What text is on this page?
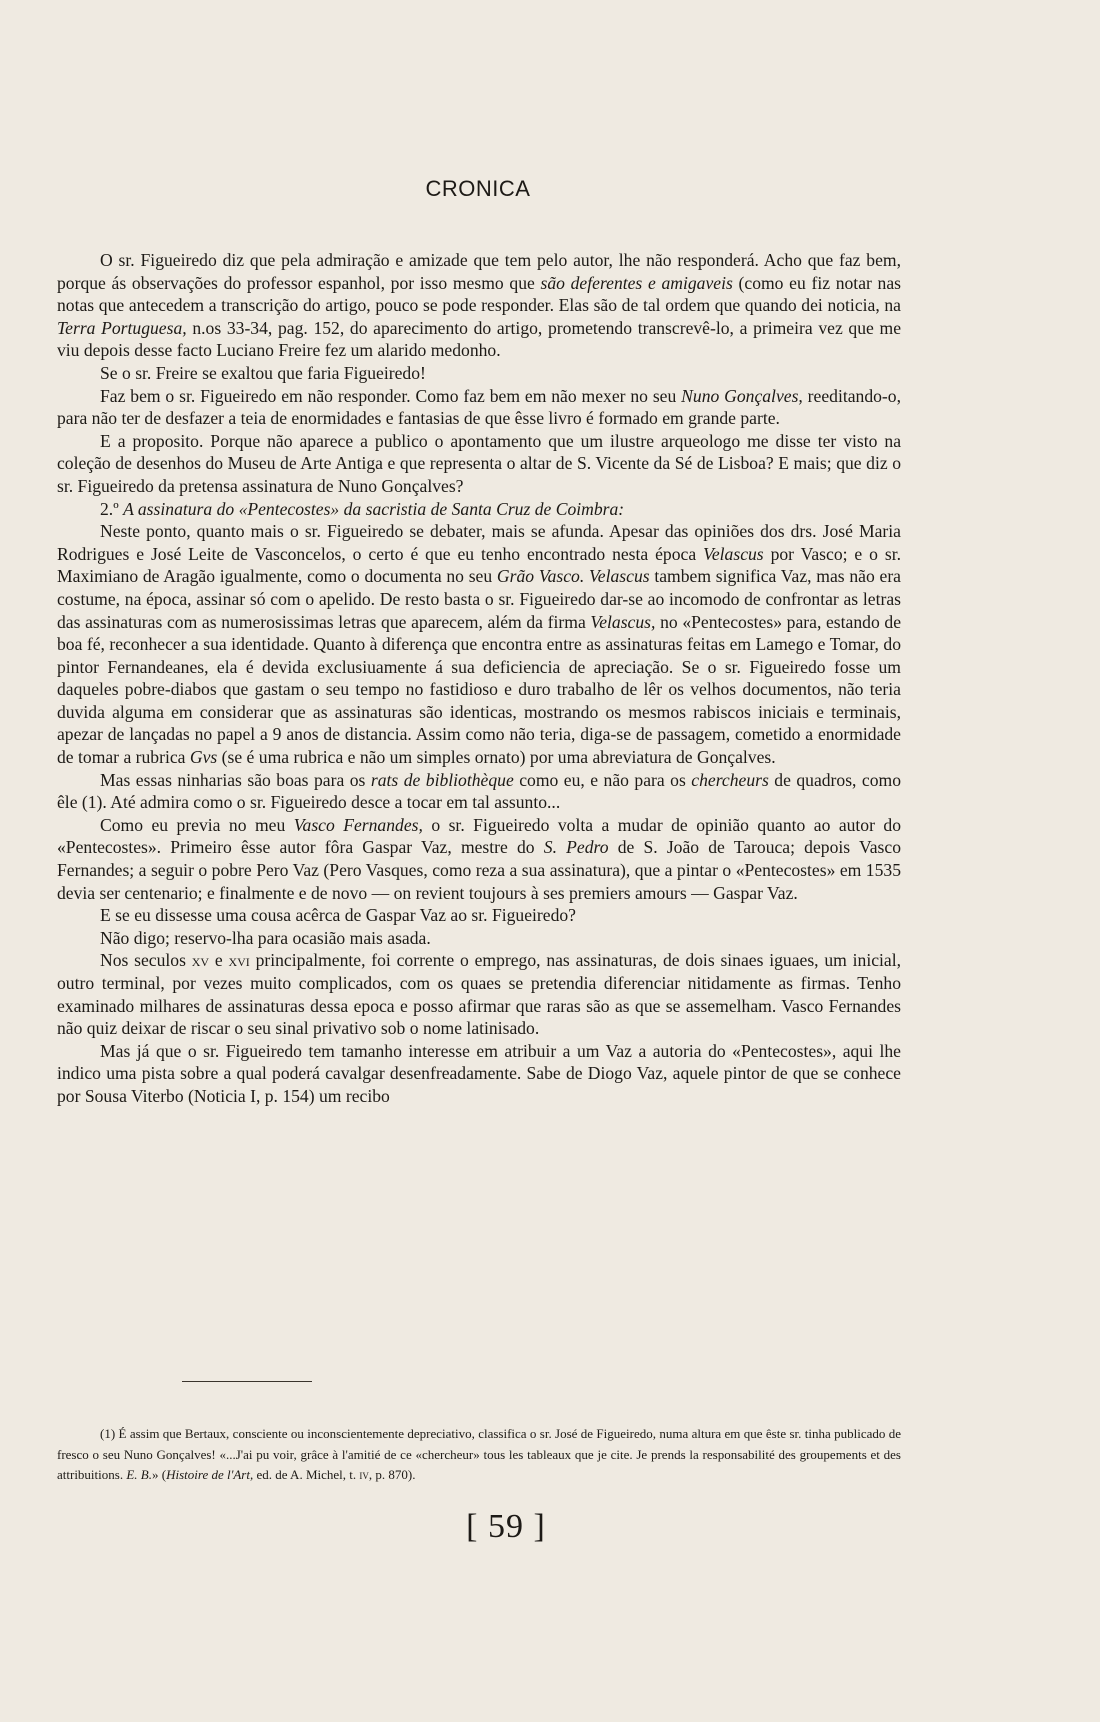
CRONICA

O sr. Figueiredo diz que pela admiração e amizade que tem pelo autor, lhe não responderá. Acho que faz bem, porque ás observações do professor espanhol, por isso mesmo que são deferentes e amigaveis (como eu fiz notar nas notas que antecedem a transcrição do artigo, pouco se pode responder. Elas são de tal ordem que quando dei noticia, na Terra Portuguesa, n.os 33-34, pag. 152, do aparecimento do artigo, prometendo transcrevê-lo, a primeira vez que me viu depois desse facto Luciano Freire fez um alarido medonho.

Se o sr. Freire se exaltou que faria Figueiredo!

Faz bem o sr. Figueiredo em não responder. Como faz bem em não mexer no seu Nuno Gonçalves, reeditando-o, para não ter de desfazer a teia de enormidades e fantasias de que êsse livro é formado em grande parte.

E a proposito. Porque não aparece a publico o apontamento que um ilustre arqueologo me disse ter visto na coleção de desenhos do Museu de Arte Antiga e que representa o altar de S. Vicente da Sé de Lisboa? E mais; que diz o sr. Figueiredo da pretensa assinatura de Nuno Gonçalves?

2.º A assinatura do «Pentecostes» da sacristia de Santa Cruz de Coimbra:

Neste ponto, quanto mais o sr. Figueiredo se debater, mais se afunda. Apesar das opiniões dos drs. José Maria Rodrigues e José Leite de Vasconcelos, o certo é que eu tenho encontrado nesta época Velascus por Vasco; e o sr. Maximiano de Aragão igualmente, como o documenta no seu Grão Vasco. Velascus tambem significa Vaz, mas não era costume, na época, assinar só com o apelido. De resto basta o sr. Figueiredo dar-se ao incomodo de confrontar as letras das assinaturas com as numerosissimas letras que aparecem, além da firma Velascus, no «Pentecostes» para, estando de boa fé, reconhecer a sua identidade. Quanto à diferença que encontra entre as assinaturas feitas em Lamego e Tomar, do pintor Fernandeanes, ela é devida exclusiuamente á sua deficiencia de apreciação. Se o sr. Figueiredo fosse um daqueles pobre-diabos que gastam o seu tempo no fastidioso e duro trabalho de lêr os velhos documentos, não teria duvida alguma em considerar que as assinaturas são identicas, mostrando os mesmos rabiscos iniciais e terminais, apezar de lançadas no papel a 9 anos de distancia. Assim como não teria, diga-se de passagem, cometido a enormidade de tomar a rubrica Gvs (se é uma rubrica e não um simples ornato) por uma abreviatura de Gonçalves.

Mas essas ninharias são boas para os rats de bibliothèque como eu, e não para os chercheurs de quadros, como êle (1). Até admira como o sr. Figueiredo desce a tocar em tal assunto...

Como eu previa no meu Vasco Fernandes, o sr. Figueiredo volta a mudar de opinião quanto ao autor do «Pentecostes». Primeiro êsse autor fôra Gaspar Vaz, mestre do S. Pedro de S. João de Tarouca; depois Vasco Fernandes; a seguir o pobre Pero Vaz (Pero Vasques, como reza a sua assinatura), que a pintar o «Pentecostes» em 1535 devia ser centenario; e finalmente e de novo — on revient toujours à ses premiers amours — Gaspar Vaz.

E se eu dissesse uma cousa acêrca de Gaspar Vaz ao sr. Figueiredo?

Não digo; reservo-lha para ocasião mais asada.

Nos seculos xv e xvi principalmente, foi corrente o emprego, nas assinaturas, de dois sinaes iguaes, um inicial, outro terminal, por vezes muito complicados, com os quaes se pretendia diferenciar nitidamente as firmas. Tenho examinado milhares de assinaturas dessa epoca e posso afirmar que raras são as que se assemelham. Vasco Fernandes não quiz deixar de riscar o seu sinal privativo sob o nome latinisado.

Mas já que o sr. Figueiredo tem tamanho interesse em atribuir a um Vaz a autoria do «Pentecostes», aqui lhe indico uma pista sobre a qual poderá cavalgar desenfreadamente. Sabe de Diogo Vaz, aquele pintor de que se conhece por Sousa Viterbo (Noticia I, p. 154) um recibo

(1) É assim que Bertaux, consciente ou inconscientemente depreciativo, classifica o sr. José de Figueiredo, numa altura em que êste sr. tinha publicado de fresco o seu Nuno Gonçalves! «...J'ai pu voir, grâce à l'amitié de ce «chercheur» tous les tableaux que je cite. Je prends la responsabilité des groupements et des attribuitions. E. B.» (Histoire de l'Art, ed. de A. Michel, t. iv, p. 870).

[ 59 ]
